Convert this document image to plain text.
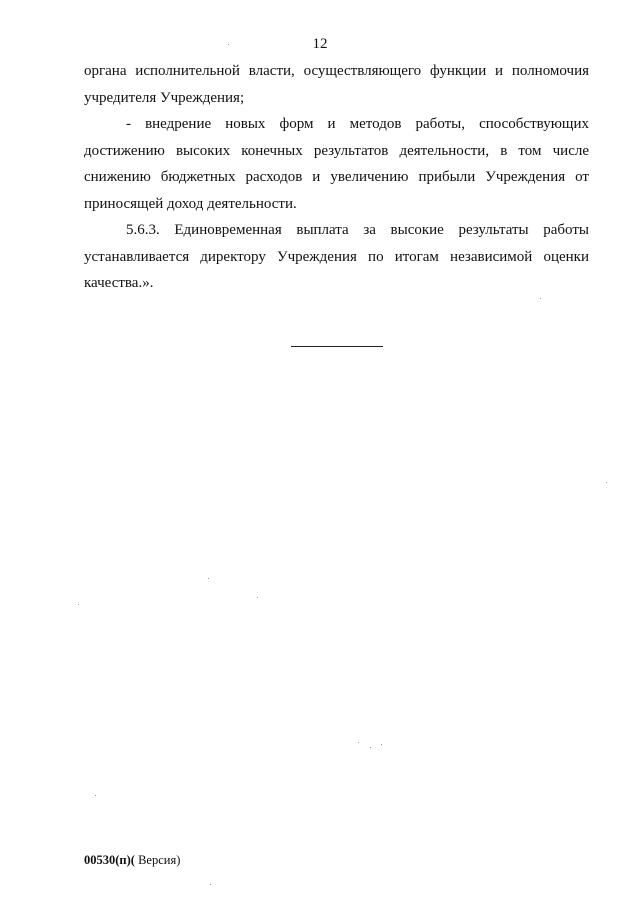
12

органа исполнительной власти, осуществляющего функции и полномочия учредителя Учреждения;

- внедрение новых форм и методов работы, способствующих достижению высоких конечных результатов деятельности, в том числе снижению бюджетных расходов и увеличению прибыли Учреждения от приносящей доход деятельности.

5.6.3. Единовременная выплата за высокие результаты работы устанавливается директору Учреждения по итогам независимой оценки качества.».

00530(п)( Версия)
